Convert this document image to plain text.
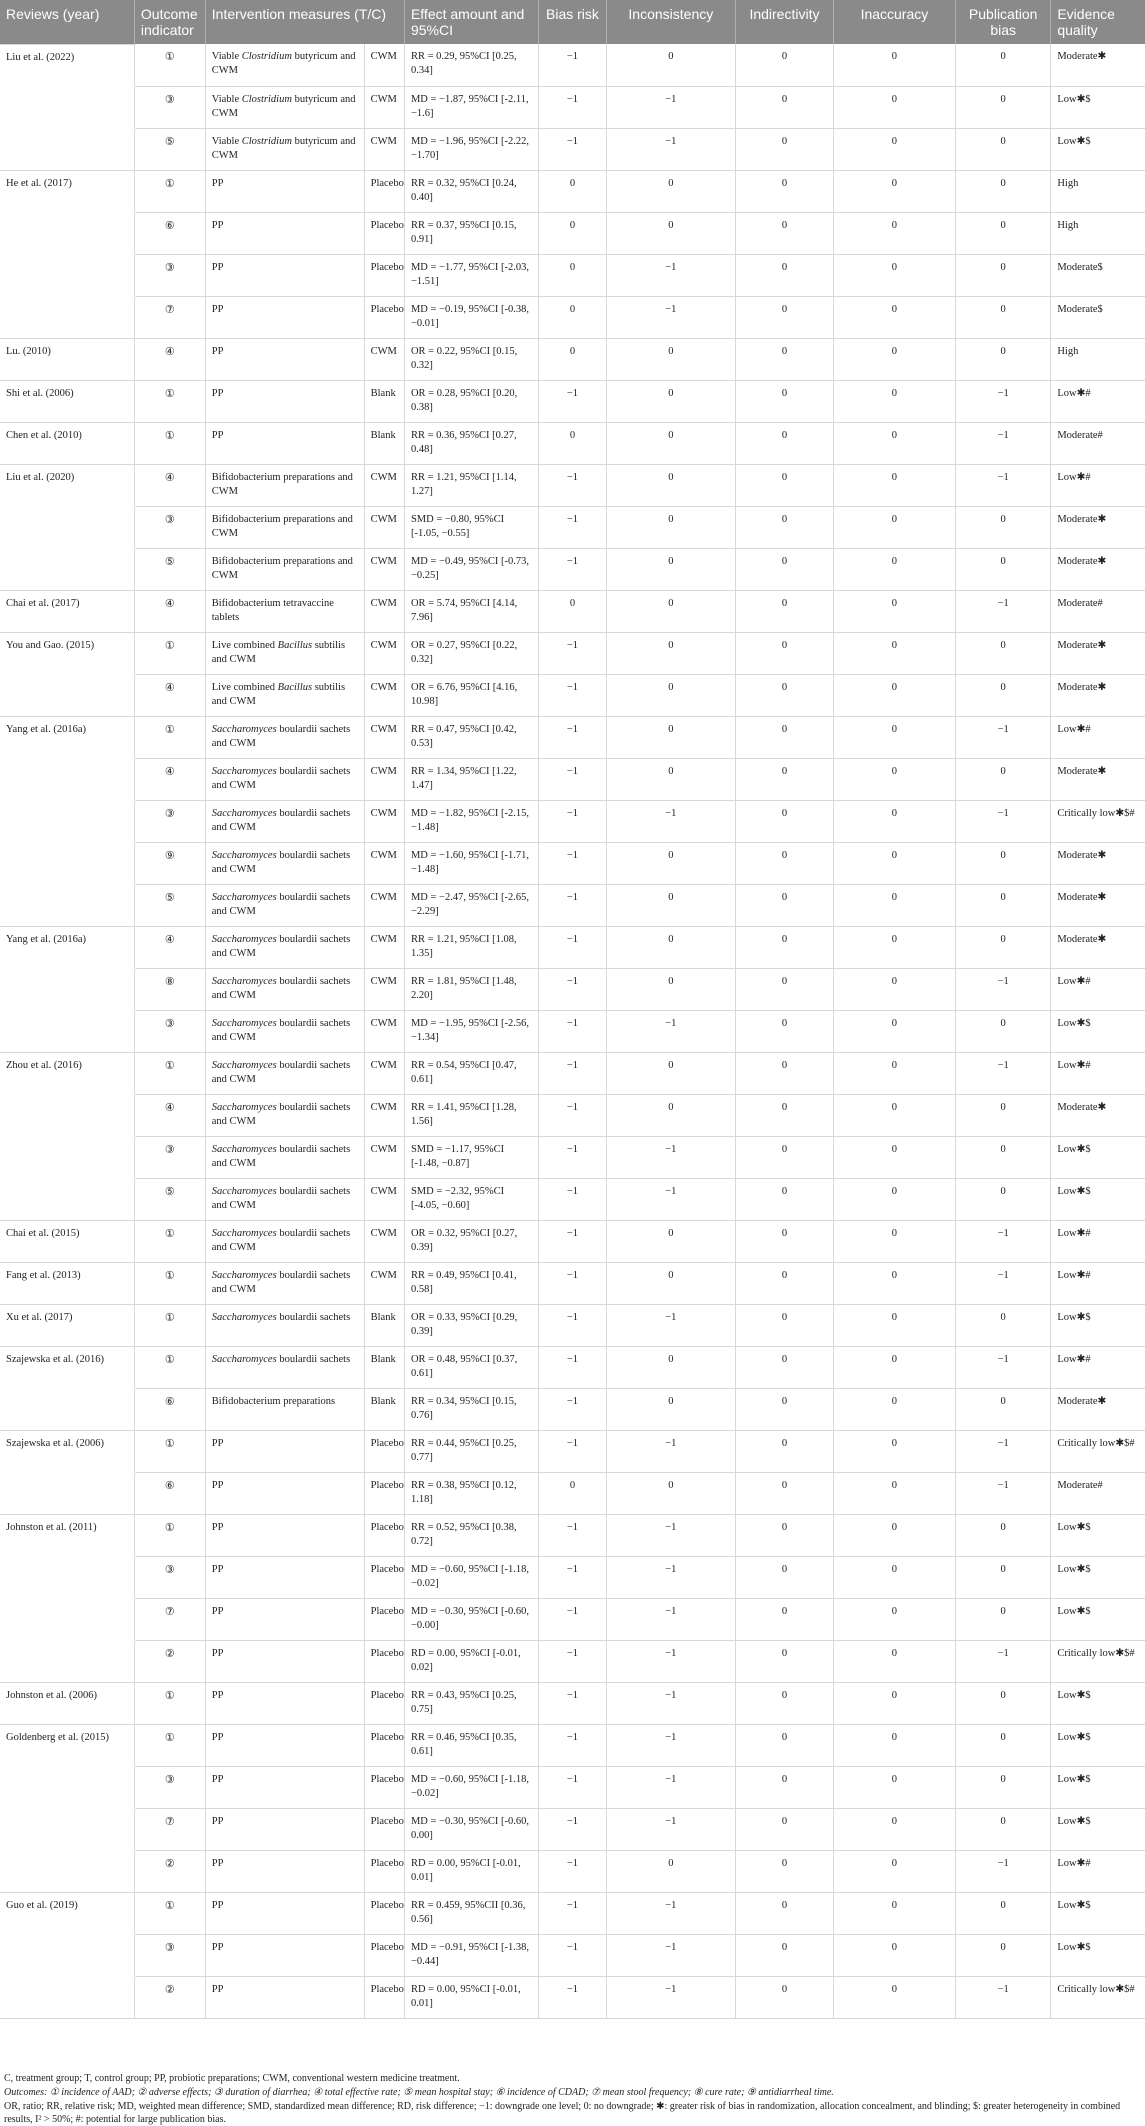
Reviews (year)	Outcome indicator	Intervention measures (T/C)		Effect amount and 95%CI	Bias risk	Inconsistency	Indirectivity	Inaccuracy	Publication bias	Evidence quality
Liu et al. (2022)	①	Viable Clostridium butyricum and CWM	CWM	RR = 0.29, 95%CI [0.25, 0.34]	−1	0	0	0	0	Moderate✱
	③	Viable Clostridium butyricum and CWM	CWM	MD = −1.87, 95%CI [-2.11, −1.6]	−1	−1	0	0	0	Low✱$
	⑤	Viable Clostridium butyricum and CWM	CWM	MD = −1.96, 95%CI [-2.22, −1.70]	−1	−1	0	0	0	Low✱$
He et al. (2017)	①	PP	Placebo	RR = 0.32, 95%CI [0.24, 0.40]	0	0	0	0	0	High
	⑥	PP	Placebo	RR = 0.37, 95%CI [0.15, 0.91]	0	0	0	0	0	High
	③	PP	Placebo	MD = −1.77, 95%CI [-2.03, −1.51]	0	−1	0	0	0	Moderate$
	⑦	PP	Placebo	MD = −0.19, 95%CI [-0.38, −0.01]	0	−1	0	0	0	Moderate$
Lu. (2010)	④	PP	CWM	OR = 0.22, 95%CI [0.15, 0.32]	0	0	0	0	0	High
Shi et al. (2006)	①	PP	Blank	OR = 0.28, 95%CI [0.20, 0.38]	−1	0	0	0	−1	Low✱#
Chen et al. (2010)	①	PP	Blank	RR = 0.36, 95%CI [0.27, 0.48]	0	0	0	0	−1	Moderate#
Liu et al. (2020)	④	Bifidobacterium preparations and CWM	CWM	RR = 1.21, 95%CI [1.14, 1.27]	−1	0	0	0	−1	Low✱#
	③	Bifidobacterium preparations and CWM	CWM	SMD = −0.80, 95%CI [-1.05, −0.55]	−1	0	0	0	0	Moderate✱
	⑤	Bifidobacterium preparations and CWM	CWM	MD = −0.49, 95%CI [-0.73, −0.25]	−1	0	0	0	0	Moderate✱
Chai et al. (2017)	④	Bifidobacterium tetravaccine tablets	CWM	OR = 5.74, 95%CI [4.14, 7.96]	0	0	0	0	−1	Moderate#
You and Gao. (2015)	①	Live combined Bacillus subtilis and CWM	CWM	OR = 0.27, 95%CI [0.22, 0.32]	−1	0	0	0	0	Moderate✱
	④	Live combined Bacillus subtilis and CWM	CWM	OR = 6.76, 95%CI [4.16, 10.98]	−1	0	0	0	0	Moderate✱
Yang et al. (2016a)	①	Saccharomyces boulardii sachets and CWM	CWM	RR = 0.47, 95%CI [0.42, 0.53]	−1	0	0	0	−1	Low✱#
	④	Saccharomyces boulardii sachets and CWM	CWM	RR = 1.34, 95%CI [1.22, 1.47]	−1	0	0	0	0	Moderate✱
	③	Saccharomyces boulardii sachets and CWM	CWM	MD = −1.82, 95%CI [-2.15, −1.48]	−1	−1	0	0	−1	Critically low✱$#
	⑨	Saccharomyces boulardii sachets and CWM	CWM	MD = −1.60, 95%CI [-1.71, −1.48]	−1	0	0	0	0	Moderate✱
	⑤	Saccharomyces boulardii sachets and CWM	CWM	MD = −2.47, 95%CI [-2.65, −2.29]	−1	0	0	0	0	Moderate✱
Yang et al. (2016a)	④	Saccharomyces boulardii sachets and CWM	CWM	RR = 1.21, 95%CI [1.08, 1.35]	−1	0	0	0	0	Moderate✱
	⑧	Saccharomyces boulardii sachets and CWM	CWM	RR = 1.81, 95%CI [1.48, 2.20]	−1	0	0	0	−1	Low✱#
	③	Saccharomyces boulardii sachets and CWM	CWM	MD = −1.95, 95%CI [-2.56, −1.34]	−1	−1	0	0	0	Low✱$
Zhou et al. (2016)	①	Saccharomyces boulardii sachets and CWM	CWM	RR = 0.54, 95%CI [0.47, 0.61]	−1	0	0	0	−1	Low✱#
	④	Saccharomyces boulardii sachets and CWM	CWM	RR = 1.41, 95%CI [1.28, 1.56]	−1	0	0	0	0	Moderate✱
	③	Saccharomyces boulardii sachets and CWM	CWM	SMD = −1.17, 95%CI [-1.48, −0.87]	−1	−1	0	0	0	Low✱$
	⑤	Saccharomyces boulardii sachets and CWM	CWM	SMD = −2.32, 95%CI [-4.05, −0.60]	−1	−1	0	0	0	Low✱$
Chai et al. (2015)	①	Saccharomyces boulardii sachets and CWM	CWM	OR = 0.32, 95%CI [0.27, 0.39]	−1	0	0	0	−1	Low✱#
Fang et al. (2013)	①	Saccharomyces boulardii sachets and CWM	CWM	RR = 0.49, 95%CI [0.41, 0.58]	−1	0	0	0	−1	Low✱#
Xu et al. (2017)	①	Saccharomyces boulardii sachets	Blank	OR = 0.33, 95%CI [0.29, 0.39]	−1	−1	0	0	0	Low✱$
Szajewska et al. (2016)	①	Saccharomyces boulardii sachets	Blank	OR = 0.48, 95%CI [0.37, 0.61]	−1	0	0	0	−1	Low✱#
	⑥	Bifidobacterium preparations	Blank	RR = 0.34, 95%CI [0.15, 0.76]	−1	0	0	0	0	Moderate✱
Szajewska et al. (2006)	①	PP	Placebo	RR = 0.44, 95%CI [0.25, 0.77]	−1	−1	0	0	−1	Critically low✱$#
	⑥	PP	Placebo	RR = 0.38, 95%CI [0.12, 1.18]	0	0	0	0	−1	Moderate#
Johnston et al. (2011)	①	PP	Placebo	RR = 0.52, 95%CI [0.38, 0.72]	−1	−1	0	0	0	Low✱$
	③	PP	Placebo	MD = −0.60, 95%CI [-1.18, −0.02]	−1	−1	0	0	0	Low✱$
	⑦	PP	Placebo	MD = −0.30, 95%CI [-0.60, −0.00]	−1	−1	0	0	0	Low✱$
	②	PP	Placebo	RD = 0.00, 95%CI [-0.01, 0.02]	−1	−1	0	0	−1	Critically low✱$#
Johnston et al. (2006)	①	PP	Placebo	RR = 0.43, 95%CI [0.25, 0.75]	−1	−1	0	0	0	Low✱$
Goldenberg et al. (2015)	①	PP	Placebo	RR = 0.46, 95%CI [0.35, 0.61]	−1	−1	0	0	0	Low✱$
	③	PP	Placebo	MD = −0.60, 95%CI [-1.18, −0.02]	−1	−1	0	0	0	Low✱$
	⑦	PP	Placebo	MD = −0.30, 95%CI [-0.60, 0.00]	−1	−1	0	0	0	Low✱$
	②	PP	Placebo	RD = 0.00, 95%CI [-0.01, 0.01]	−1	0	0	0	−1	Low✱#
Guo et al. (2019)	①	PP	Placebo	RR = 0.459, 95%CII [0.36, 0.56]	−1	−1	0	0	0	Low✱$
	③	PP	Placebo	MD = −0.91, 95%CI [-1.38, −0.44]	−1	−1	0	0	0	Low✱$
	②	PP	Placebo	RD = 0.00, 95%CI [-0.01, 0.01]	−1	−1	0	0	−1	Critically low✱$#
C, treatment group; T, control group; PP, probiotic preparations; CWM, conventional western medicine treatment.
Outcomes: ① incidence of AAD; ② adverse effects; ③ duration of diarrhea; ④ total effective rate; ⑤ mean hospital stay; ⑥ incidence of CDAD; ⑦ mean stool frequency; ⑧ cure rate; ⑨ antidiarrheal time.
OR, ratio; RR, relative risk; MD, weighted mean difference; SMD, standardized mean difference; RD, risk difference; −1: downgrade one level; 0: no downgrade; ✱: greater risk of bias in randomization, allocation concealment, and blinding; $: greater heterogeneity in combined results, I² > 50%; #: potential for large publication bias.
